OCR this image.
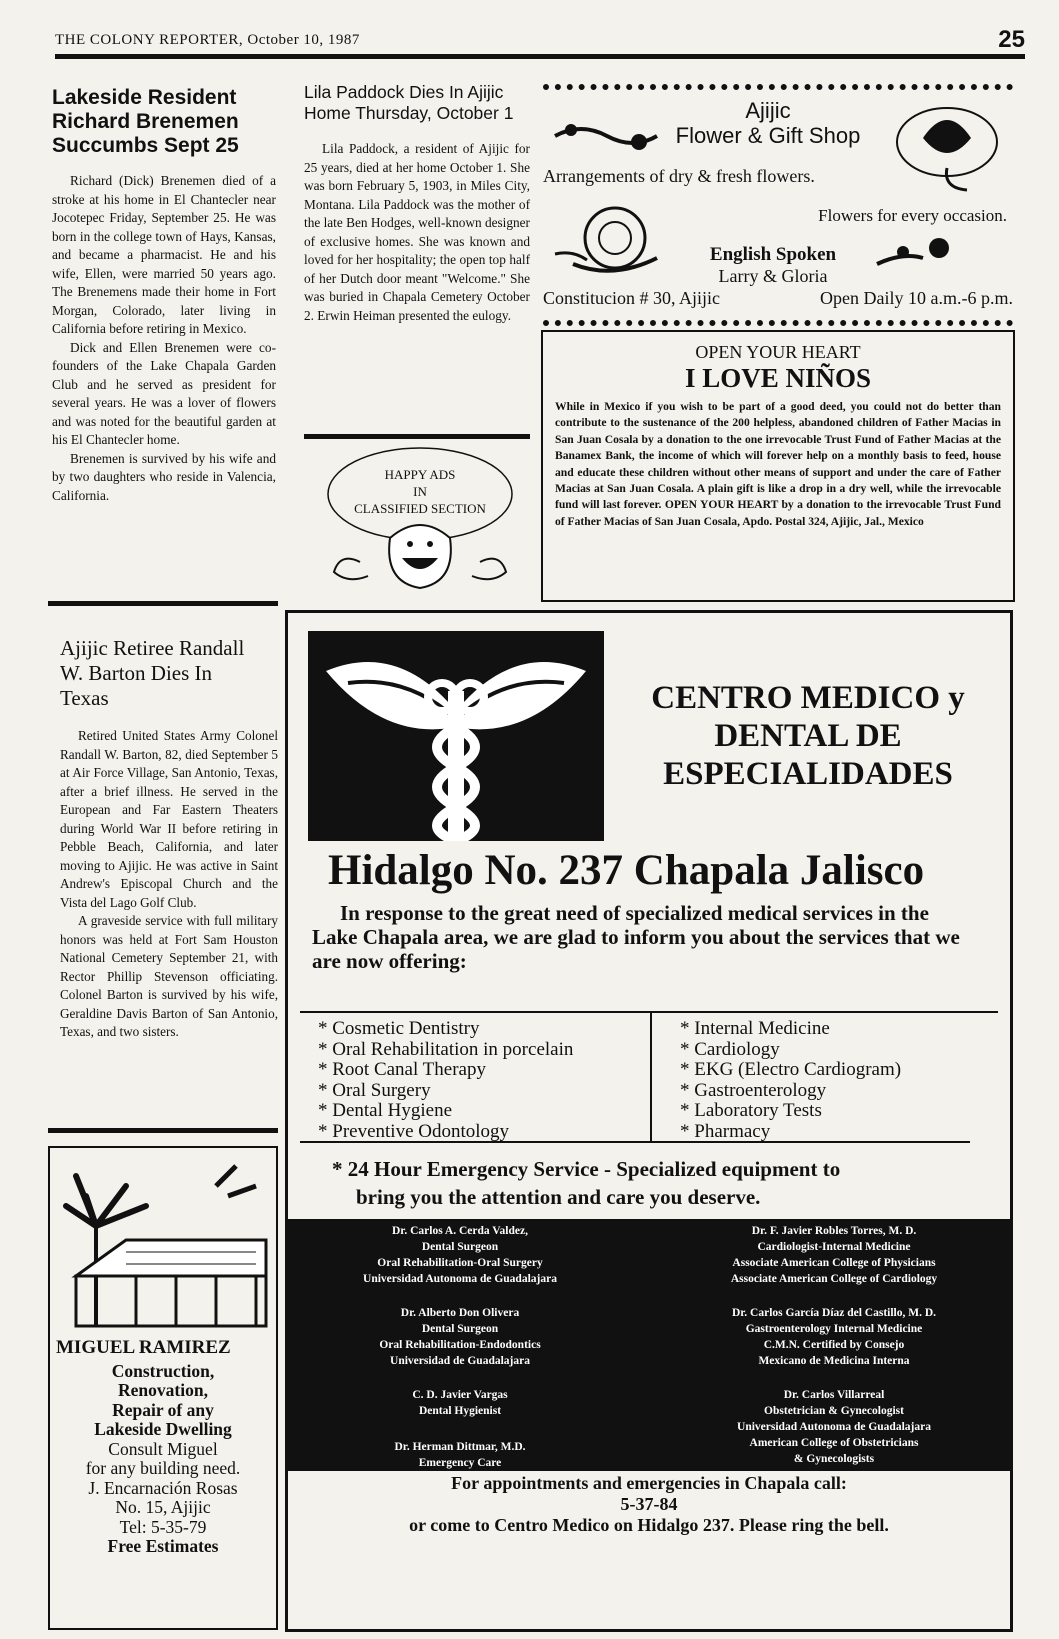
THE COLONY REPORTER, October 10, 1987	25
Lakeside Resident Richard Brenemen Succumbs Sept 25

Richard (Dick) Brenemen died of a stroke at his home in El Chantecler near Jocotepec Friday, September 25. He was born in the college town of Hays, Kansas, and became a pharmacist. He and his wife, Ellen, were married 50 years ago. The Brenemens made their home in Fort Morgan, Colorado, later living in California before retiring in Mexico.

Dick and Ellen Brenemen were co-founders of the Lake Chapala Garden Club and he served as president for several years. He was a lover of flowers and was noted for the beautiful garden at his El Chantecler home.

Brenemen is survived by his wife and by two daughters who reside in Valencia, California.

Lila Paddock Dies In Ajijic Home Thursday, October 1

Lila Paddock, a resident of Ajijic for 25 years, died at her home October 1. She was born February 5, 1903, in Miles City, Montana. Lila Paddock was the mother of the late Ben Hodges, well-known designer of exclusive homes. She was known and loved for her hospitality; the open top half of her Dutch door meant "Welcome." She was buried in Chapala Cemetery October 2. Erwin Heiman presented the eulogy.

HAPPY ADS
IN
CLASSIFIED SECTION
Ajijic
Flower & Gift Shop
Arrangements of dry & fresh flowers.
Flowers for every occasion.
English Spoken
Larry & Gloria
Constitucion # 30, Ajijic	Open Daily 10 a.m.-6 p.m.
OPEN YOUR HEART
I LOVE NIÑOS
While in Mexico if you wish to be part of a good deed, you could not do better than contribute to the sustenance of the 200 helpless, abandoned children of Father Macias in San Juan Cosala by a donation to the one irrevocable Trust Fund of Father Macias at the Banamex Bank, the income of which will forever help on a monthly basis to feed, house and educate these children without other means of support and under the care of Father Macias at San Juan Cosala. A plain gift is like a drop in a dry well, while the irrevocable fund will last forever. OPEN YOUR HEART by a donation to the irrevocable Trust Fund of Father Macias of San Juan Cosala, Apdo. Postal 324, Ajijic, Jal., Mexico
Ajijic Retiree Randall W. Barton Dies In Texas

Retired United States Army Colonel Randall W. Barton, 82, died September 5 at Air Force Village, San Antonio, Texas, after a brief illness. He served in the European and Far Eastern Theaters during World War II before retiring in Pebble Beach, California, and later moving to Ajijic. He was active in Saint Andrew's Episcopal Church and the Vista del Lago Golf Club.

A graveside service with full military honors was held at Fort Sam Houston National Cemetery September 21, with Rector Phillip Stevenson officiating. Colonel Barton is survived by his wife, Geraldine Davis Barton of San Antonio, Texas, and two sisters.

MIGUEL RAMIREZ
Construction,
Renovation,
Repair of any
Lakeside Dwelling
Consult Miguel
for any building need.
J. Encarnación Rosas
No. 15, Ajijic
Tel: 5-35-79
Free Estimates
CENTRO MEDICO y
DENTAL DE
ESPECIALIDADES
Hidalgo No. 237 Chapala Jalisco
In response to the great need of specialized medical services in the Lake Chapala area, we are glad to inform you about the services that we are now offering:
* Cosmetic Dentistry
* Oral Rehabilitation in porcelain
* Root Canal Therapy
* Oral Surgery
* Dental Hygiene
* Preventive Odontology
* Internal Medicine
* Cardiology
* EKG (Electro Cardiogram)
* Gastroenterology
* Laboratory Tests
* Pharmacy
* 24 Hour Emergency Service - Specialized equipment to
bring you the attention and care you deserve.
Dr. Carlos A. Cerda Valdez,
Dental Surgeon
Oral Rehabilitation-Oral Surgery
Universidad Autonoma de Guadalajara
Dr. Alberto Don Olivera
Dental Surgeon
Oral Rehabilitation-Endodontics
Universidad de Guadalajara
C. D. Javier Vargas
Dental Hygienist
Dr. Herman Dittmar, M.D.
Emergency Care
Dr. F. Javier Robles Torres, M. D.
Cardiologist-Internal Medicine
Associate American College of Physicians
Associate American College of Cardiology
Dr. Carlos García Díaz del Castillo, M. D.
Gastroenterology Internal Medicine
C.M.N. Certified by Consejo
Mexicano de Medicina Interna
Dr. Carlos Villarreal
Obstetrician & Gynecologist
Universidad Autonoma de Guadalajara
American College of Obstetricians
& Gynecologists
For appointments and emergencies in Chapala call:
5-37-84
or come to Centro Medico on Hidalgo 237. Please ring the bell.
